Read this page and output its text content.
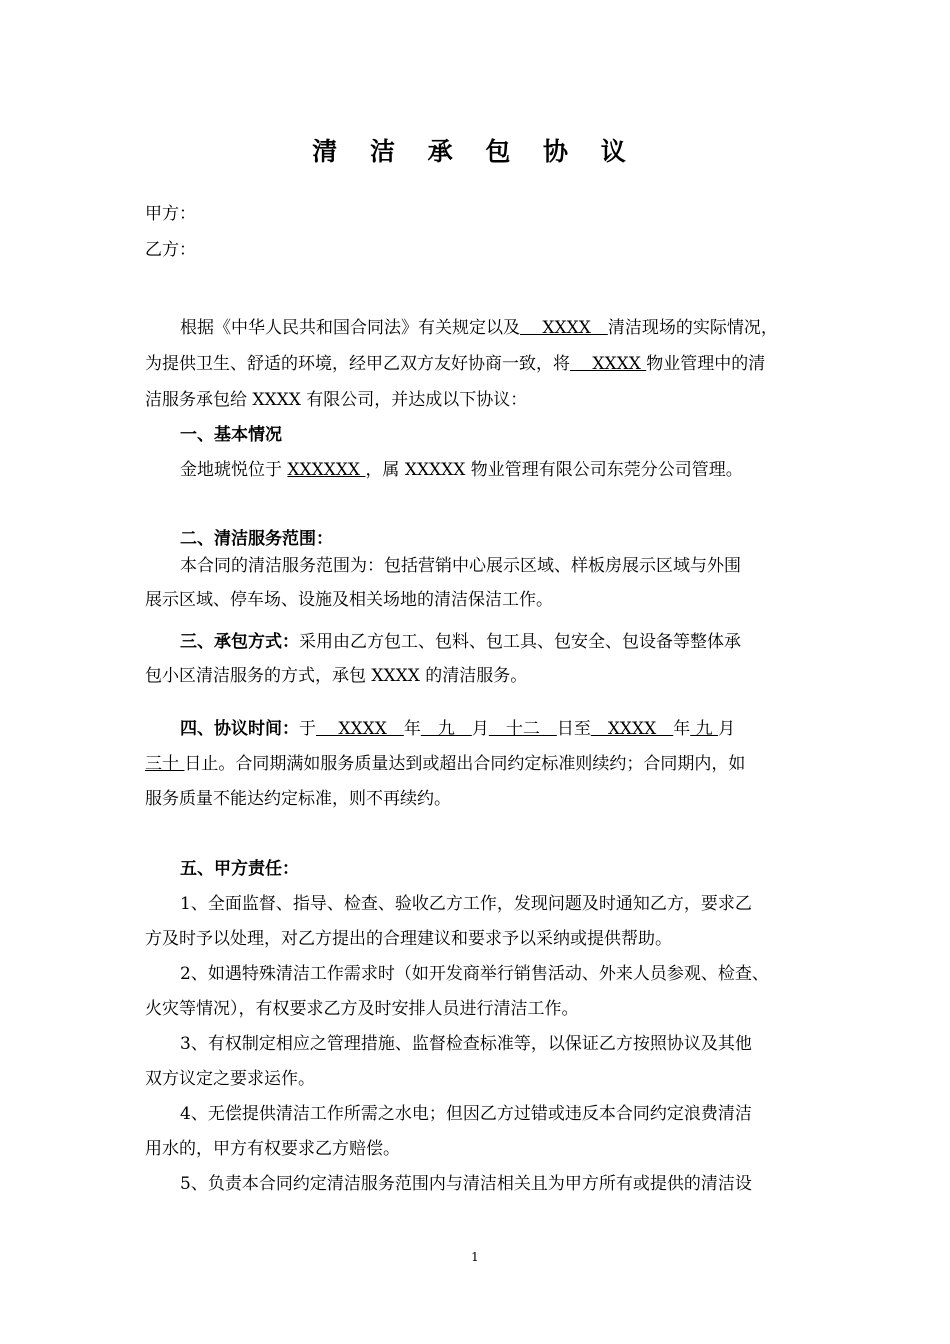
清 洁 承 包 协 议
甲方：
乙方：
根据《中华人民共和国合同法》有关规定以及　 XXXX　清洁现场的实际情况，
为提供卫生、舒适的环境，经甲乙双方友好协商一致，将　 XXXX 物业管理中的清
洁服务承包给 XXXX 有限公司，并达成以下协议：
一、基本情况
金地琥悦位于 XXXXXX ，属 XXXXX 物业管理有限公司东莞分公司管理。
二、清洁服务范围：
本合同的清洁服务范围为：包括营销中心展示区域、样板房展示区域与外围
展示区域、停车场、设施及相关场地的清洁保洁工作。
三、承包方式：采用由乙方包工、包料、包工具、包安全、包设备等整体承
包小区清洁服务的方式，承包 XXXX 的清洁服务。
四、协议时间：于　 XXXX　年　九　月　十二　日至　XXXX　年 九 月
三十 日止。合同期满如服务质量达到或超出合同约定标准则续约；合同期内，如
服务质量不能达约定标准，则不再续约。
五、甲方责任：
1、全面监督、指导、检查、验收乙方工作，发现问题及时通知乙方，要求乙
方及时予以处理，对乙方提出的合理建议和要求予以采纳或提供帮助。
2、如遇特殊清洁工作需求时（如开发商举行销售活动、外来人员参观、检查、
火灾等情况），有权要求乙方及时安排人员进行清洁工作。
3、有权制定相应之管理措施、监督检查标准等，以保证乙方按照协议及其他
双方议定之要求运作。
4、无偿提供清洁工作所需之水电；但因乙方过错或违反本合同约定浪费清洁
用水的，甲方有权要求乙方赔偿。
5、负责本合同约定清洁服务范围内与清洁相关且为甲方所有或提供的清洁设
1
